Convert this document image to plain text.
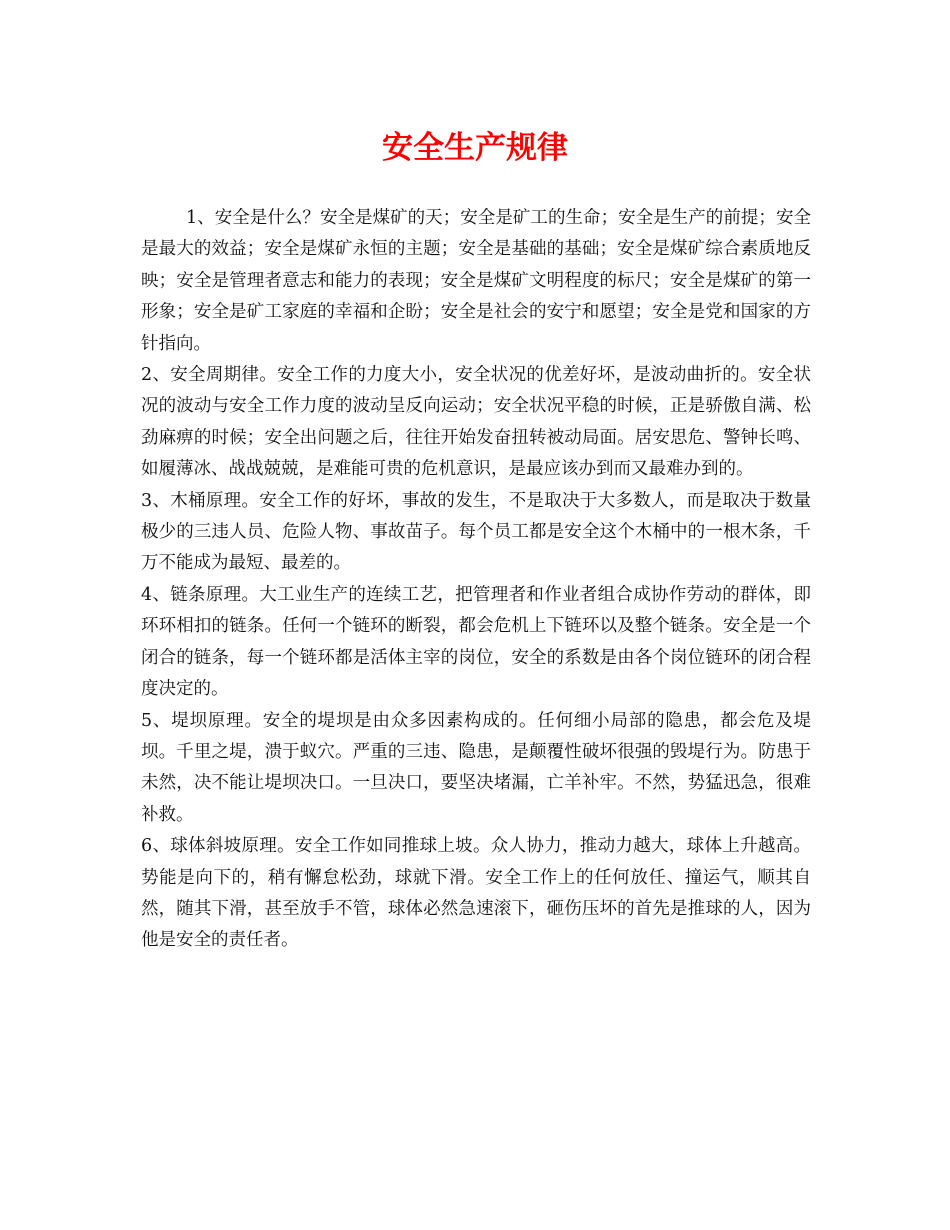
安全生产规律

1、安全是什么？安全是煤矿的天；安全是矿工的生命；安全是生产的前提；安全是最大的效益；安全是煤矿永恒的主题；安全是基础的基础；安全是煤矿综合素质地反映；安全是管理者意志和能力的表现；安全是煤矿文明程度的标尺；安全是煤矿的第一形象；安全是矿工家庭的幸福和企盼；安全是社会的安宁和愿望；安全是党和国家的方针指向。

2、安全周期律。安全工作的力度大小，安全状况的优差好坏，是波动曲折的。安全状况的波动与安全工作力度的波动呈反向运动；安全状况平稳的时候，正是骄傲自满、松劲麻痹的时候；安全出问题之后，往往开始发奋扭转被动局面。居安思危、警钟长鸣、如履薄冰、战战兢兢，是难能可贵的危机意识，是最应该办到而又最难办到的。

3、木桶原理。安全工作的好坏，事故的发生，不是取决于大多数人，而是取决于数量极少的三违人员、危险人物、事故苗子。每个员工都是安全这个木桶中的一根木条，千万不能成为最短、最差的。

4、链条原理。大工业生产的连续工艺，把管理者和作业者组合成协作劳动的群体，即环环相扣的链条。任何一个链环的断裂，都会危机上下链环以及整个链条。安全是一个闭合的链条，每一个链环都是活体主宰的岗位，安全的系数是由各个岗位链环的闭合程度决定的。

5、堤坝原理。安全的堤坝是由众多因素构成的。任何细小局部的隐患，都会危及堤坝。千里之堤，溃于蚁穴。严重的三违、隐患，是颠覆性破坏很强的毁堤行为。防患于未然，决不能让堤坝决口。一旦决口，要坚决堵漏，亡羊补牢。不然，势猛迅急，很难补救。

6、球体斜坡原理。安全工作如同推球上坡。众人协力，推动力越大，球体上升越高。势能是向下的，稍有懈怠松劲，球就下滑。安全工作上的任何放任、撞运气，顺其自然，随其下滑，甚至放手不管，球体必然急速滚下，砸伤压坏的首先是推球的人，因为他是安全的责任者。
